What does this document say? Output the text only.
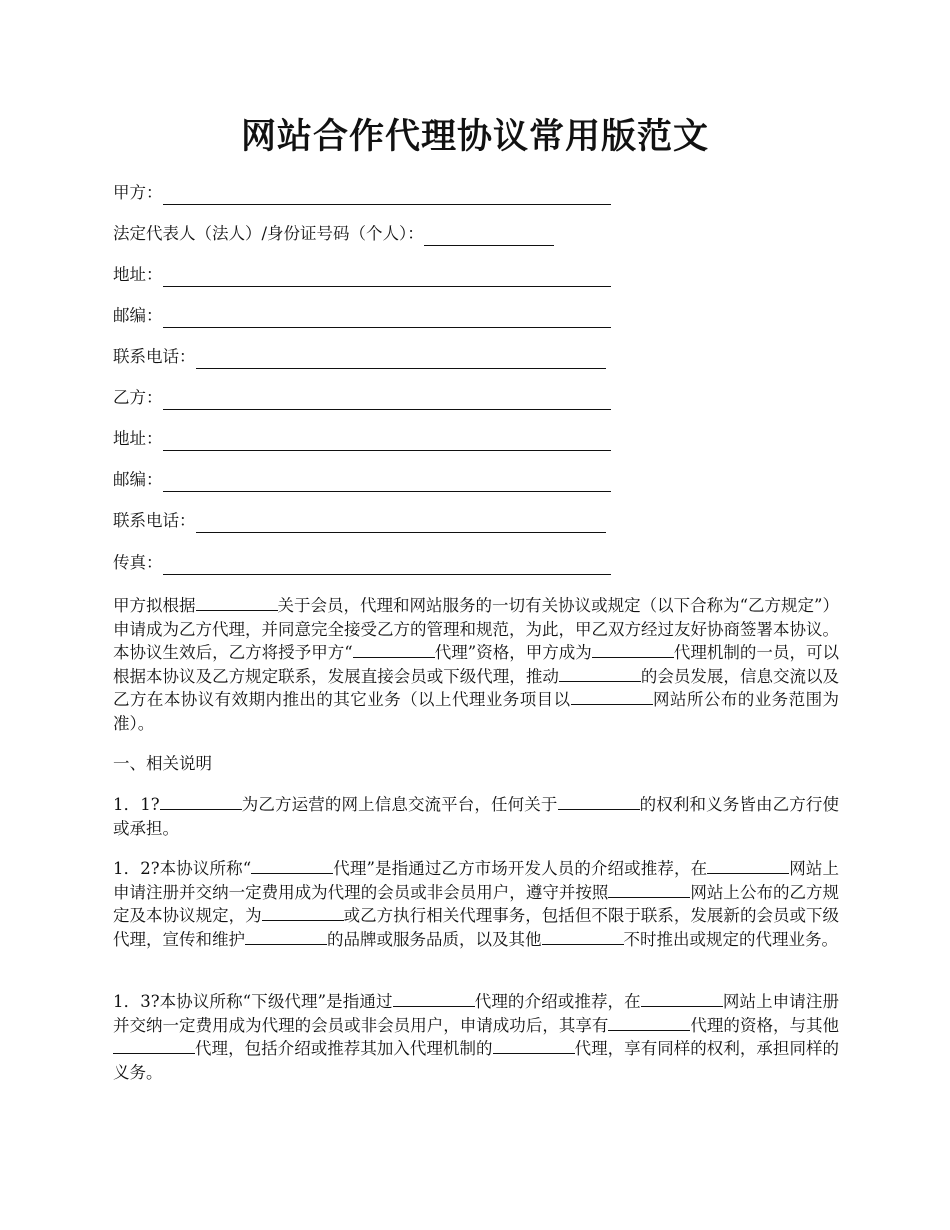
网站合作代理协议常用版范文
甲方：
法定代表人（法人）/身份证号码（个人）：
地址：
邮编：
联系电话：
乙方：
地址：
邮编：
联系电话：
传真：
甲方拟根据	关于会员，代理和网站服务的一切有关协议或规定（以下合称为“乙方规定”）申请成为乙方代理，并同意完全接受乙方的管理和规范，为此，甲乙双方经过友好协商签署本协议。本协议生效后，乙方将授予甲方“	代理”资格，甲方成为	代理机制的一员，可以根据本协议及乙方规定联系，发展直接会员或下级代理，推动	的会员发展，信息交流以及乙方在本协议有效期内推出的其它业务（以上代理业务项目以	网站所公布的业务范围为准）。
一、相关说明
1．1?	为乙方运营的网上信息交流平台，任何关于	的权利和义务皆由乙方行使或承担。
1．2?本协议所称“	代理”是指通过乙方市场开发人员的介绍或推荐，在	网站上申请注册并交纳一定费用成为代理的会员或非会员用户，遵守并按照	网站上公布的乙方规定及本协议规定，为	或乙方执行相关代理事务，包括但不限于联系，发展新的会员或下级代理，宣传和维护	的品牌或服务品质，以及其他	不时推出或规定的代理业务。
1．3?本协议所称“下级代理”是指通过	代理的介绍或推荐，在	网站上申请注册并交纳一定费用成为代理的会员或非会员用户，申请成功后，其享有	代理的资格，与其他代理，包括介绍或推荐其加入代理机制的	代理，享有同样的权利，承担同样的义务。
